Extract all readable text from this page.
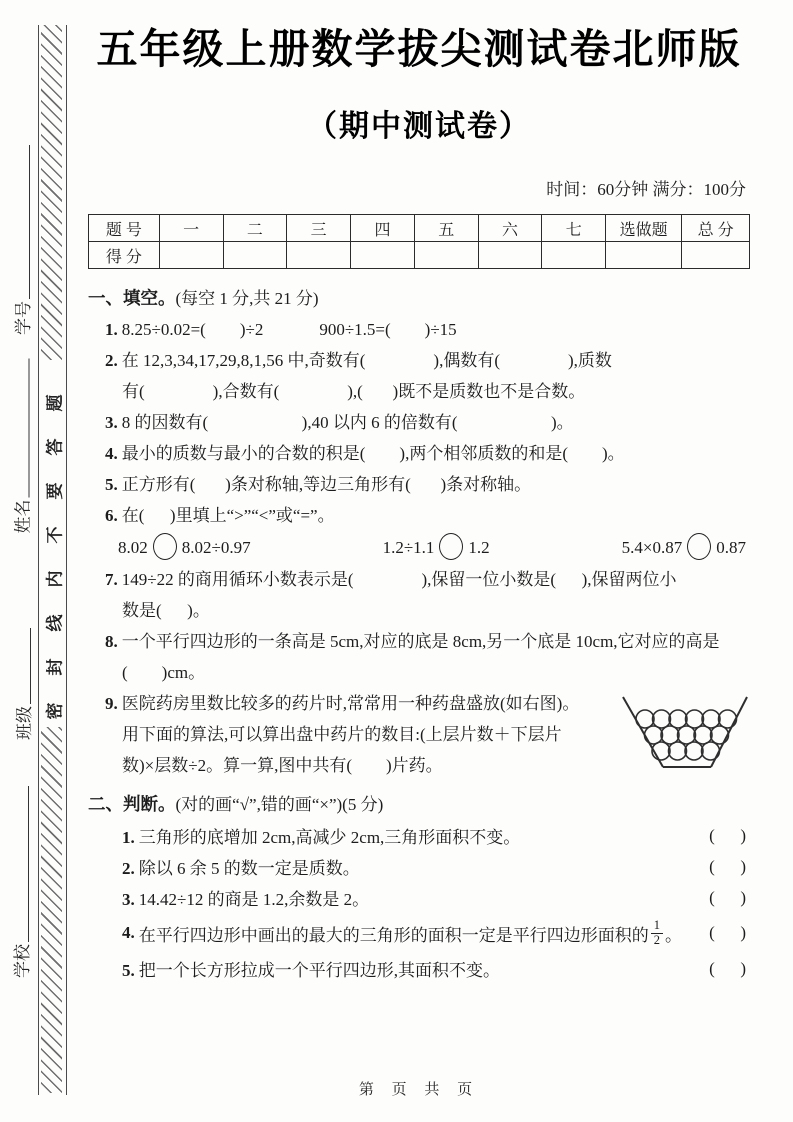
学号
姓名
班级
学校
密封线内不要答题
五年级上册数学拔尖测试卷北师版
（期中测试卷）
时间：60分钟 满分：100分
题 号	一	二	三	四	五	六	七	选做题	总 分
得 分									
一、填空。 (每空 1 分,共 21 分)
1. 8.25÷0.02=(        )÷2	900÷1.5=(        )÷15
2. 在 12,3,34,17,29,8,1,56 中,奇数有(                ),偶数有(                ),质数
有(                ),合数有(                ),(       )既不是质数也不是合数。
3. 8 的因数有(                      ),40 以内 6 的倍数有(                      )。
4. 最小的质数与最小的合数的积是(        ),两个相邻质数的和是(        )。
5. 正方形有(       )条对称轴,等边三角形有(       )条对称轴。
6. 在(      )里填上“>”“<”或“=”。
8.02 8.02÷0.97	1.2÷1.1 1.2	5.4×0.87 0.87
7. 149÷22 的商用循环小数表示是(                ),保留一位小数是(      ),保留两位小
数是(      )。
8. 一个平行四边形的一条高是 5cm,对应的底是 8cm,另一个底是 10cm,它对应的高是
(        )cm。
9. 医院药房里数比较多的药片时,常常用一种药盘盛放(如右图)。
用下面的算法,可以算出盘中药片的数目:(上层片数＋下层片
数)×层数÷2。算一算,图中共有(        )片药。
二、判断。 (对的画“√”,错的画“×”)(5 分)
1. 三角形的底增加 2cm,高减少 2cm,三角形面积不变。	(      )
2. 除以 6 余 5 的数一定是质数。	(      )
3. 14.42÷12 的商是 1.2,余数是 2。	(      )
4. 在平行四边形中画出的最大的三角形的面积一定是平行四边形面积的 $\frac{1}{2}$ 。 (      )
5. 把一个长方形拉成一个平行四边形,其面积不变。	(      )
第 页 共 页
